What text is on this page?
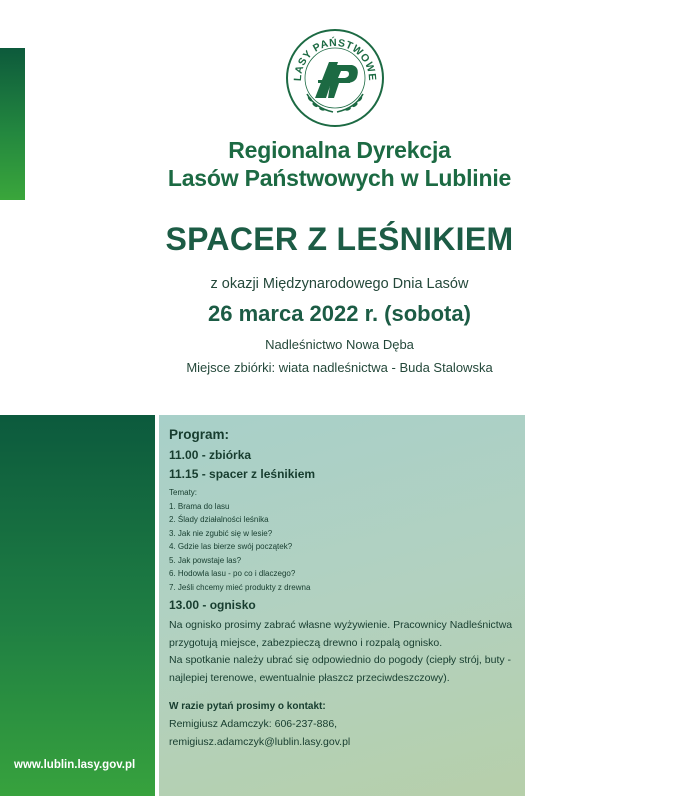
LASY PAŃSTWOWE
Regionalna Dyrekcja
Lasów Państwowych w Lublinie
SPACER Z LEŚNIKIEM
z okazji Międzynarodowego Dnia Lasów
26 marca 2022 r. (sobota)
Nadleśnictwo Nowa Dęba
Miejsce zbiórki: wiata nadleśnictwa - Buda Stalowska
www.lublin.lasy.gov.pl
Program:
11.00 - zbiórka
11.15 - spacer z leśnikiem
Tematy:
1. Brama do lasu
2. Ślady działalności leśnika
3. Jak nie zgubić się w lesie?
4. Gdzie las bierze swój początek?
5. Jak powstaje las?
6. Hodowla lasu - po co i dlaczego?
7. Jeśli chcemy mieć produkty z drewna
13.00 - ognisko

Na ognisko prosimy zabrać własne wyżywienie. Pracownicy Nadleśnictwa przygotują miejsce, zabezpieczą drewno i rozpalą ognisko.

Na spotkanie należy ubrać się odpowiednio do pogody (ciepły strój, buty - najlepiej terenowe, ewentualnie płaszcz przeciwdeszczowy).

W razie pytań prosimy o kontakt:
Remigiusz Adamczyk: 606-237-886,
remigiusz.adamczyk@lublin.lasy.gov.pl
